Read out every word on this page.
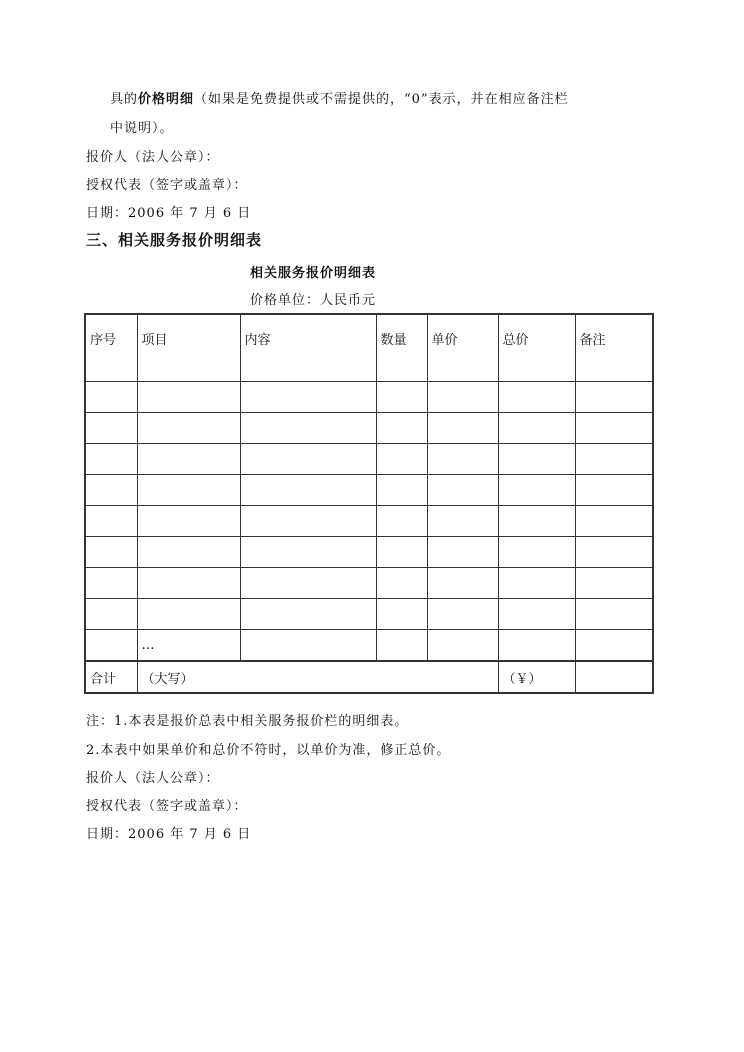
具的价格明细（如果是免费提供或不需提供的，“0”表示，并在相应备注栏
中说明）。
报价人（法人公章）：
授权代表（签字或盖章）：
日期：2006 年 7 月 6 日
三、相关服务报价明细表
相关服务报价明细表
价格单位：人民币元
序号	项目	内容	数量	单价	总价	备注

	…					
合计	（大写）				（￥）	
注：1.本表是报价总表中相关服务报价栏的明细表。
2.本表中如果单价和总价不符时，以单价为准，修正总价。
报价人（法人公章）：
授权代表（签字或盖章）：
日期：2006 年 7 月 6 日
